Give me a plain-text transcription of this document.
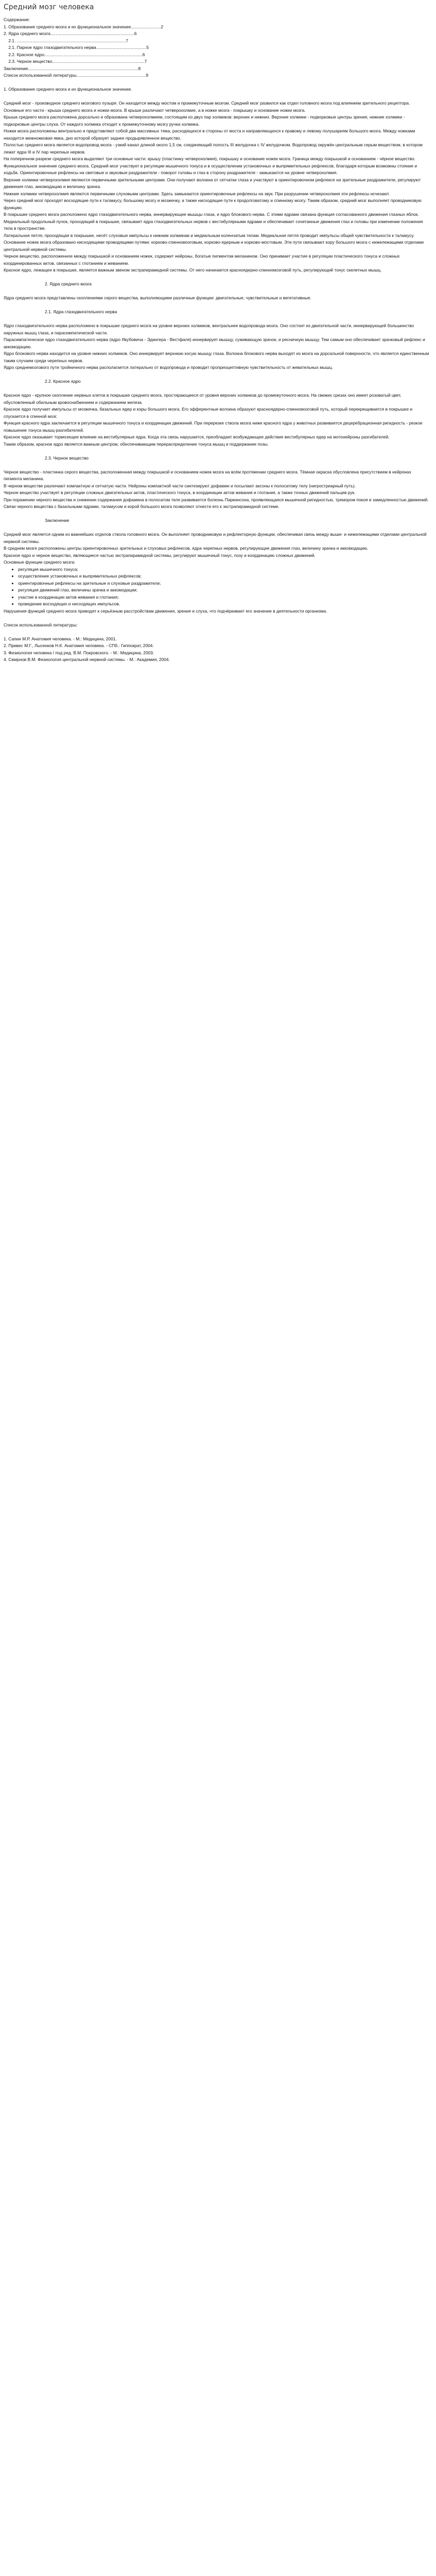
Средний мозг человека

Содержание:

1. Образование среднего мозга и их функциональное значение.........................2

2. Ядра среднего мозга......................................................................6

2.1. ...........................................................................................7

2.1. Парное ядро глазодвигательного нерва..........................................5

2.2. Красное ядро..................................................................................6

2.3. Черное вещество.............................................................................7

Заключение............................................................................................8

Список использованной литературы..........................................................9

1. Образование среднего мозга и их функциональное значение.

Средний мозг - производное среднего мозгового пузыря. Он находится между мостом и промежуточным мозгом. Средний мозг развился как отдел головного мозга под влиянием зрительного рецептора. Основные его части - крыша среднего мозга и ножки мозга. В крыше различают четверохолмие, а в ножке мозга - покрышку и основание ножки мозга.

Крыша среднего мозга расположена дорсально и образована четверохолмием, состоящим из двух пар холмиков: верхних и нижних. Верхние холмики - подкорковые центры зрения, нижние холмики - подкорковые центры слуха. От каждого холмика отходит к промежуточному мозгу ручка холмика.

Ножки мозга расположены вентрально и представляют собой два массивных тяжа, расходящихся в стороны от моста и направляющихся к правому и левому полушариям большого мозга. Между ножками находится межножковая ямка, дно которой образует заднее продырявленное вещество.

Полостью среднего мозга является водопровод мозга - узкий канал длиной около 1,5 см, соединяющий полость III желудочка с IV желудочком. Водопровод окружён центральным серым веществом, в котором лежат ядра III и IV пар черепных нервов.

На поперечном разрезе среднего мозга выделяют три основные части: крышу (пластинку четверохолмия), покрышку и основание ножек мозга. Граница между покрышкой и основанием - чёрное вещество.

Функциональное значение среднего мозга. Средний мозг участвует в регуляции мышечного тонуса и в осуществлении установочных и выпрямительных рефлексов, благодаря которым возможны стояние и ходьба. Ориентировочные рефлексы на световые и звуковые раздражители - поворот головы и глаз в сторону раздражителя - замыкаются на уровне четверохолмия.

Верхние холмики четверохолмия являются первичными зрительными центрами. Они получают волокна от сетчатки глаза и участвуют в ориентировочном рефлексе на зрительные раздражители, регулируют движения глаз, аккомодацию и величину зрачка.

Нижние холмики четверохолмия являются первичными слуховыми центрами. Здесь замыкаются ориентировочные рефлексы на звук. При разрушении четверохолмия эти рефлексы исчезают.

Через средний мозг проходят восходящие пути к таламусу, большому мозгу и мозжечку, а также нисходящие пути к продолговатому и спинному мозгу. Таким образом, средний мозг выполняет проводниковую функцию.

В покрышке среднего мозга расположено ядро глазодвигательного нерва, иннервирующее мышцы глаза, и ядро блокового нерва. С этими ядрами связана функция согласованного движения глазных яблок.

Медиальный продольный пучок, проходящий в покрышке, связывает ядра глазодвигательных нервов с вестибулярными ядрами и обеспечивает сочетанные движения глаз и головы при изменении положения тела в пространстве.

Латеральная петля, проходящая в покрышке, несёт слуховые импульсы к нижним холмикам и медиальным коленчатым телам. Медиальная петля проводит импульсы общей чувствительности к таламусу.

Основание ножек мозга образовано нисходящими проводящими путями: корково-спинномозговым, корково-ядерным и корково-мостовым. Эти пути связывают кору большого мозга с нижележащими отделами центральной нервной системы.

Черное вещество, расположенное между покрышкой и основанием ножек, содержит нейроны, богатые пигментом меланином. Оно принимает участие в регуляции пластического тонуса и сложных координированных актов, связанных с глотанием и жеванием.

Красное ядро, лежащее в покрышке, является важным звеном экстрапирамидной системы. От него начинается красноядерно-спинномозговой путь, регулирующий тонус скелетных мышц.

2. Ядра среднего мозга

Ядра среднего мозга представлены скоплениями серого вещества, выполняющими различные функции: двигательные, чувствительные и вегетативные.

2.1. Ядра глазодвигательного нерва

Ядро глазодвигательного нерва расположено в покрышке среднего мозга на уровне верхних холмиков, вентральнее водопровода мозга. Оно состоит из двигательной части, иннервирующей большинство наружных мышц глаза, и парасимпатической части.

Парасимпатическое ядро глазодвигательного нерва (ядро Якубовича - Эдингера - Вестфаля) иннервирует мышцу, суживающую зрачок, и ресничную мышцу. Тем самым оно обеспечивает зрачковый рефлекс и аккомодацию.

Ядро блокового нерва находится на уровне нижних холмиков. Оно иннервирует верхнюю косую мышцу глаза. Волокна блокового нерва выходят из мозга на дорсальной поверхности, что является единственным таким случаем среди черепных нервов.

Ядро среднемозгового пути тройничного нерва располагается латерально от водопровода и проводит проприоцептивную чувствительность от жевательных мышц.

2.2. Красное ядро

Красное ядро - крупное скопление нервных клеток в покрышке среднего мозга, простирающееся от уровня верхних холмиков до промежуточного мозга. На свежих срезах оно имеет розоватый цвет, обусловленный обильным кровоснабжением и содержанием железа.

Красное ядро получает импульсы от мозжечка, базальных ядер и коры большого мозга. Его эфферентные волокна образуют красноядерно-спинномозговой путь, который перекрещивается в покрышке и спускается в спинной мозг.

Функция красного ядра заключается в регуляции мышечного тонуса и координации движений. При перерезке ствола мозга ниже красного ядра у животных развивается децеребрационная ригидность - резкое повышение тонуса мышц-разгибателей.

Красное ядро оказывает тормозящее влияние на вестибулярные ядра. Когда эта связь нарушается, преобладает возбуждающее действие вестибулярных ядер на мотонейроны разгибателей.

Таким образом, красное ядро является важным центром, обеспечивающим перераспределение тонуса мышц и поддержание позы.

2.3. Черное вещество

Черное вещество - пластинка серого вещества, расположенная между покрышкой и основанием ножек мозга на всём протяжении среднего мозга. Тёмная окраска обусловлена присутствием в нейронах пигмента меланина.

В черном веществе различают компактную и сетчатую части. Нейроны компактной части синтезируют дофамин и посылают аксоны к полосатому телу (нигростриарный путь).

Черное вещество участвует в регуляции сложных двигательных актов, пластического тонуса, в координации актов жевания и глотания, а также точных движений пальцев рук.

При поражении черного вещества и снижении содержания дофамина в полосатом теле развивается болезнь Паркинсона, проявляющаяся мышечной ригидностью, тремором покоя и замедленностью движений.

Связи черного вещества с базальными ядрами, таламусом и корой большого мозга позволяют отнести его к экстрапирамидной системе.

Заключение

Средний мозг является одним из важнейших отделов ствола головного мозга. Он выполняет проводниковую и рефлекторную функции, обеспечивая связь между выше- и нижележащими отделами центральной нервной системы.

В среднем мозге расположены центры ориентировочных зрительных и слуховых рефлексов, ядра черепных нервов, регулирующие движения глаз, величину зрачка и аккомодацию.

Красное ядро и черное вещество, являющиеся частью экстрапирамидной системы, регулируют мышечный тонус, позу и координацию сложных движений.

Основные функции среднего мозга:

• регуляция мышечного тонуса;
• осуществление установочных и выпрямительных рефлексов;
• ориентировочные рефлексы на зрительные и слуховые раздражители;
• регуляция движений глаз, величины зрачка и аккомодации;
• участие в координации актов жевания и глотания;
• проведение восходящих и нисходящих импульсов.

Нарушения функций среднего мозга приводят к серьёзным расстройствам движения, зрения и слуха, что подчёркивает его значение в деятельности организма.

Список использованной литературы:

1. Сапин М.Р. Анатомия человека. - М.: Медицина, 2001.

2. Привес М.Г., Лысенков Н.К. Анатомия человека. - СПб.: Гиппократ, 2004.

3. Физиология человека / под ред. В.М. Покровского. - М.: Медицина, 2003.

4. Смирнов В.М. Физиология центральной нервной системы. - М.: Академия, 2004.
